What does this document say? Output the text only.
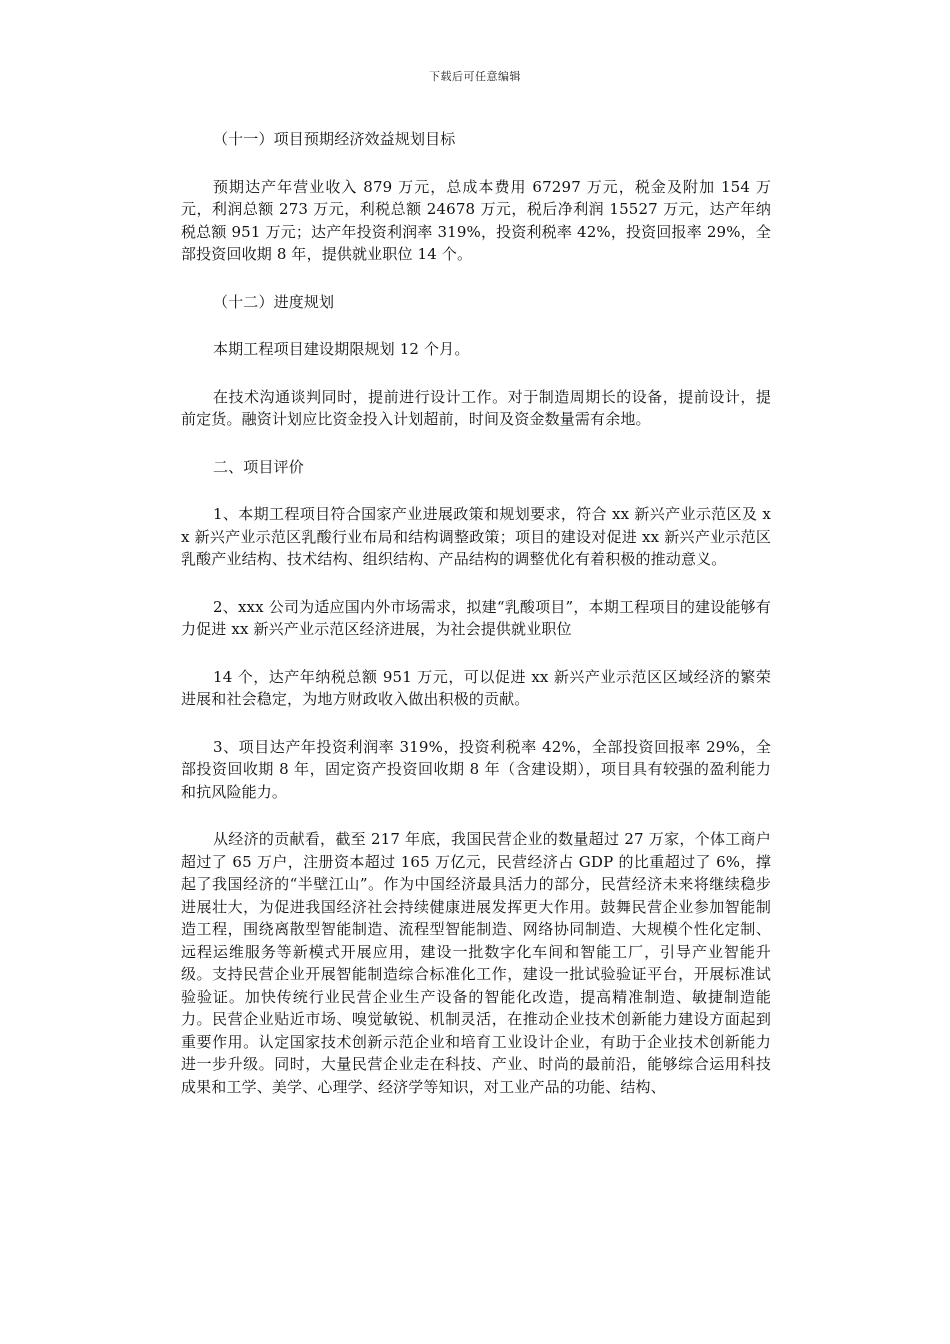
下载后可任意编辑

（十一）项目预期经济效益规划目标

预期达产年营业收入 879 万元，总成本费用 67297 万元，税金及附加 154 万元，利润总额 273 万元，利税总额 24678 万元，税后净利润 15527 万元，达产年纳税总额 951 万元；达产年投资利润率 319%，投资利税率 42%，投资回报率 29%，全部投资回收期 8 年，提供就业职位 14 个。

（十二）进度规划

本期工程项目建设期限规划 12 个月。

在技术沟通谈判同时，提前进行设计工作。对于制造周期长的设备，提前设计，提前定货。融资计划应比资金投入计划超前，时间及资金数量需有余地。

二、项目评价

1、本期工程项目符合国家产业进展政策和规划要求，符合 xx 新兴产业示范区及 xx 新兴产业示范区乳酸行业布局和结构调整政策；项目的建设对促进 xx 新兴产业示范区乳酸产业结构、技术结构、组织结构、产品结构的调整优化有着积极的推动意义。

2、xxx 公司为适应国内外市场需求，拟建“乳酸项目”，本期工程项目的建设能够有力促进 xx 新兴产业示范区经济进展，为社会提供就业职位

14 个，达产年纳税总额 951 万元，可以促进 xx 新兴产业示范区区域经济的繁荣进展和社会稳定，为地方财政收入做出积极的贡献。

3、项目达产年投资利润率 319%，投资利税率 42%，全部投资回报率 29%，全部投资回收期 8 年，固定资产投资回收期 8 年（含建设期），项目具有较强的盈利能力和抗风险能力。

从经济的贡献看，截至 217 年底，我国民营企业的数量超过 27 万家，个体工商户超过了 65 万户，注册资本超过 165 万亿元，民营经济占 GDP 的比重超过了 6%，撑起了我国经济的“半壁江山”。作为中国经济最具活力的部分，民营经济未来将继续稳步进展壮大，为促进我国经济社会持续健康进展发挥更大作用。鼓舞民营企业参加智能制造工程，围绕离散型智能制造、流程型智能制造、网络协同制造、大规模个性化定制、远程运维服务等新模式开展应用，建设一批数字化车间和智能工厂，引导产业智能升级。支持民营企业开展智能制造综合标准化工作，建设一批试验验证平台，开展标准试验验证。加快传统行业民营企业生产设备的智能化改造，提高精准制造、敏捷制造能力。民营企业贴近市场、嗅觉敏锐、机制灵活，在推动企业技术创新能力建设方面起到重要作用。认定国家技术创新示范企业和培育工业设计企业，有助于企业技术创新能力进一步升级。同时，大量民营企业走在科技、产业、时尚的最前沿，能够综合运用科技成果和工学、美学、心理学、经济学等知识，对工业产品的功能、结构、
